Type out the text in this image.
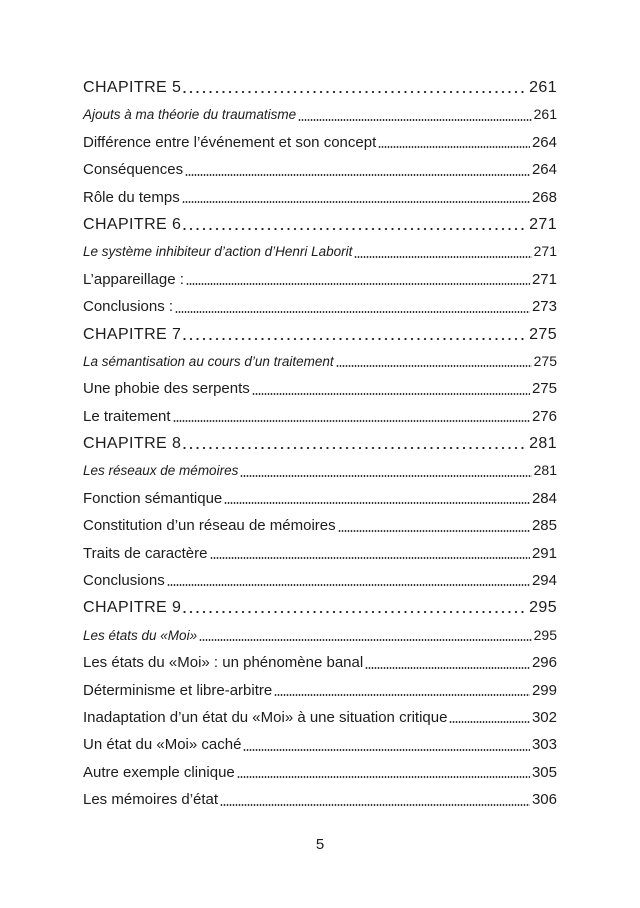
CHAPITRE 5	261
Ajouts à ma théorie du traumatisme	261
Différence entre l’événement et son concept	264
Conséquences	264
Rôle du temps	268
CHAPITRE 6	271
Le système inhibiteur d’action d’Henri Laborit	271
L’appareillage :	271
Conclusions :	273
CHAPITRE 7	275
La sémantisation au cours d’un traitement	275
Une phobie des serpents	275
Le traitement	276
CHAPITRE 8	281
Les réseaux de mémoires	281
Fonction sémantique	284
Constitution d’un réseau de mémoires	285
Traits de caractère	291
Conclusions	294
CHAPITRE 9	295
Les états du «Moi»	295
Les états du «Moi» : un phénomène banal	296
Déterminisme et libre-arbitre	299
Inadaptation d’un état du «Moi» à une situation critique	302
Un état du «Moi» caché	303
Autre exemple clinique	305
Les mémoires d’état	306
5
